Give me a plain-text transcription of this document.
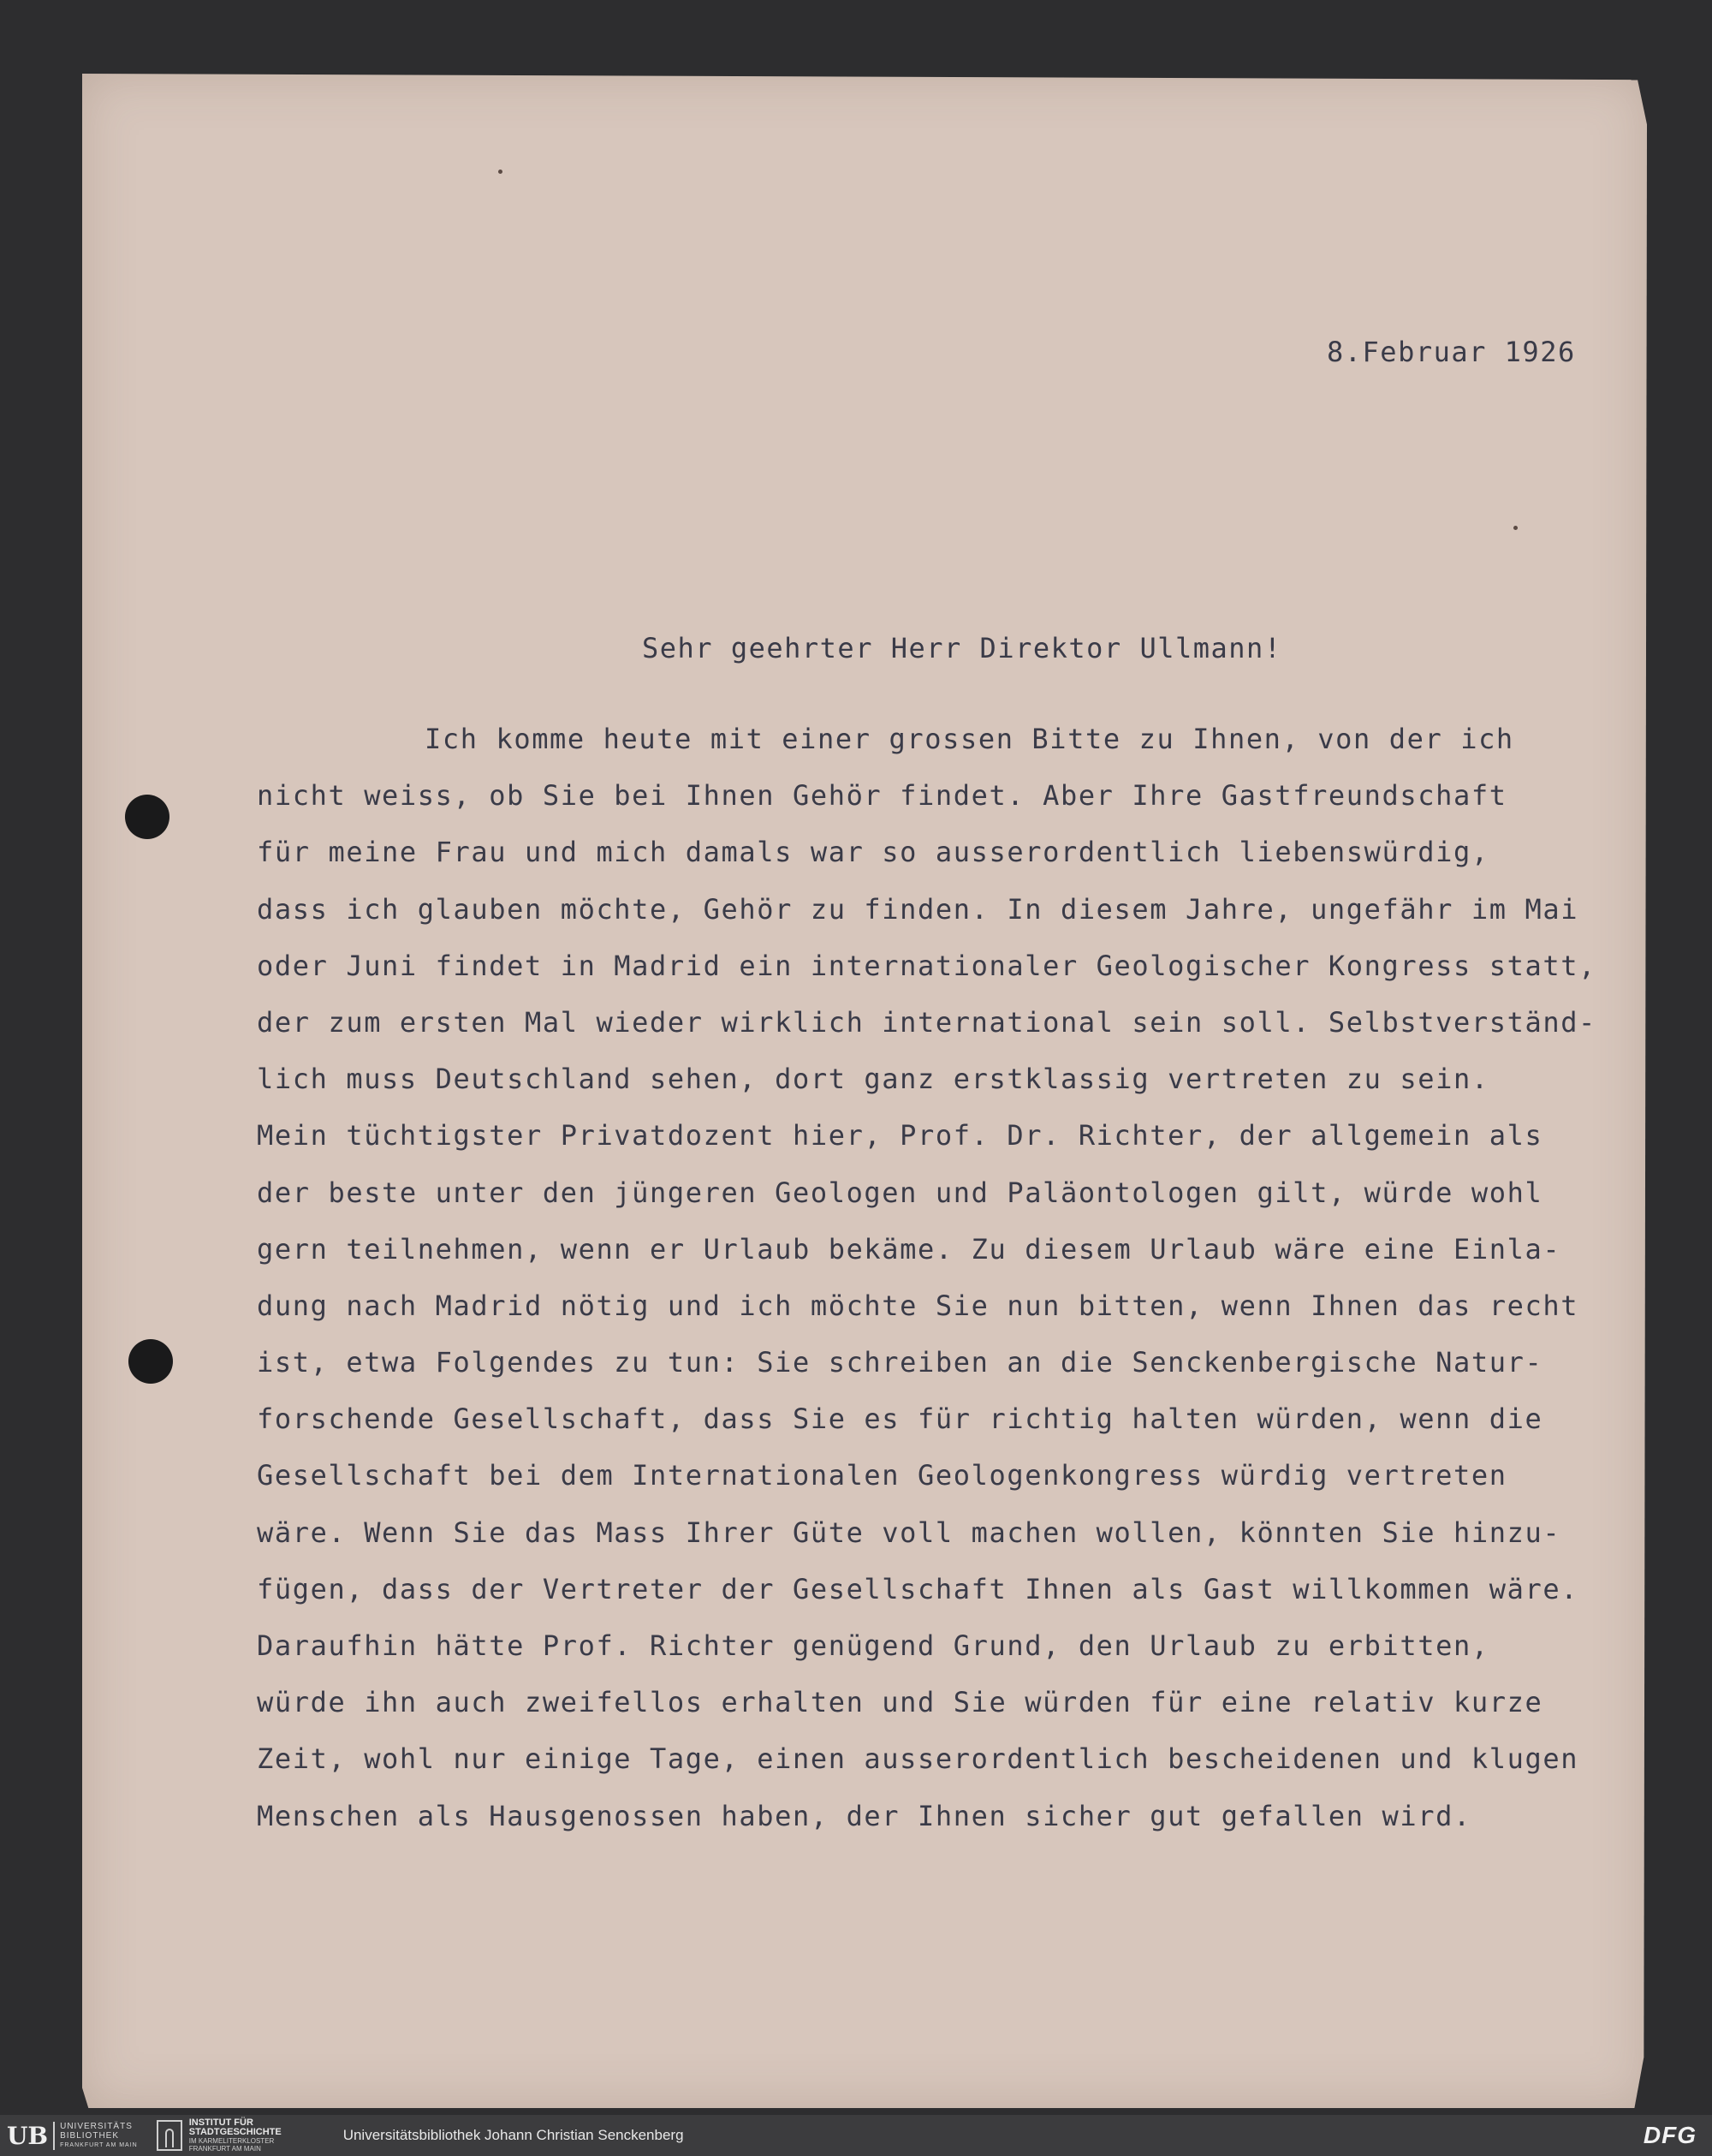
8.Februar 1926
Sehr geehrter Herr Direktor Ullmann!
Ich komme heute mit einer grossen Bitte zu Ihnen, von der ich
nicht weiss, ob Sie bei Ihnen Gehör findet. Aber Ihre Gastfreundschaft
für meine Frau und mich damals war so ausserordentlich liebenswürdig,
dass ich glauben möchte, Gehör zu finden. In diesem Jahre, ungefähr im Mai
oder Juni findet in Madrid ein internationaler Geologischer Kongress statt,
der zum ersten Mal wieder wirklich international sein soll. Selbstverständ-
lich muss Deutschland sehen, dort ganz erstklassig vertreten zu sein.
Mein tüchtigster Privatdozent hier, Prof. Dr. Richter, der allgemein als
der beste unter den jüngeren Geologen und Paläontologen gilt, würde wohl
gern teilnehmen, wenn er Urlaub bekäme. Zu diesem Urlaub wäre eine Einla-
dung nach Madrid nötig und ich möchte Sie nun bitten, wenn Ihnen das recht
ist, etwa Folgendes zu tun: Sie schreiben an die Senckenbergische Natur-
forschende Gesellschaft, dass Sie es für richtig halten würden, wenn die
Gesellschaft bei dem Internationalen Geologenkongress würdig vertreten
wäre. Wenn Sie das Mass Ihrer Güte voll machen wollen, könnten Sie hinzu-
fügen, dass der Vertreter der Gesellschaft Ihnen als Gast willkommen wäre.
Daraufhin hätte Prof. Richter genügend Grund, den Urlaub zu erbitten,
würde ihn auch zweifellos erhalten und Sie würden für eine relativ kurze
Zeit, wohl nur einige Tage, einen ausserordentlich bescheidenen und klugen
Menschen als Hausgenossen haben, der Ihnen sicher gut gefallen wird.
UB	UNIVERSITÄTS
BIBLIOTHEK
FRANKFURT AM MAIN
INSTITUT FÜR
STADTGESCHICHTE
IM KARMELITERKLOSTER
FRANKFURT AM MAIN
Universitätsbibliothek Johann Christian Senckenberg	DFG
